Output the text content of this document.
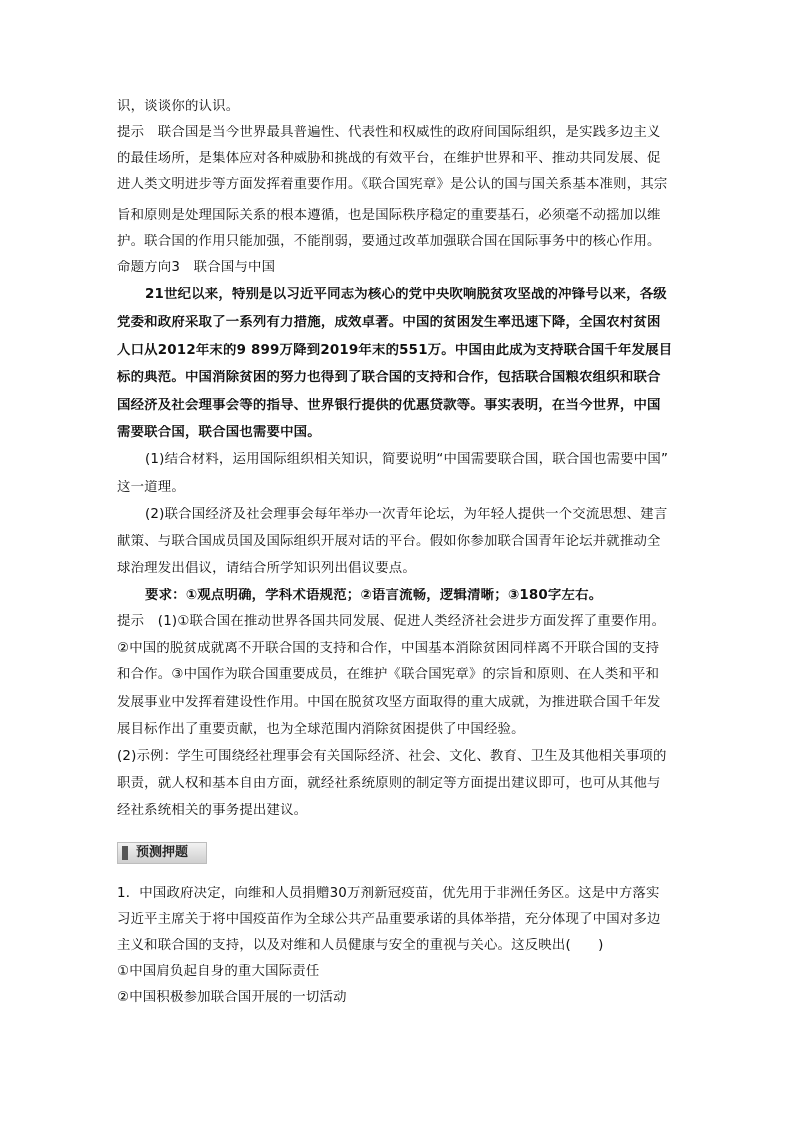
识，谈谈你的认识。
提示　联合国是当今世界最具普遍性、代表性和权威性的政府间国际组织，是实践多边主义
的最佳场所，是集体应对各种威胁和挑战的有效平台，在维护世界和平、推动共同发展、促
进人类文明进步等方面发挥着重要作用。《联合国宪章》是公认的国与国关系基本准则，其宗
旨和原则是处理国际关系的根本遵循，也是国际秩序稳定的重要基石，必须毫不动摇加以维
护。联合国的作用只能加强，不能削弱，要通过改革加强联合国在国际事务中的核心作用。
命题方向3　联合国与中国
21世纪以来，特别是以习近平同志为核心的党中央吹响脱贫攻坚战的冲锋号以来，各级
党委和政府采取了一系列有力措施，成效卓著。中国的贫困发生率迅速下降，全国农村贫困
人口从2012年末的9 899万降到2019年末的551万。中国由此成为支持联合国千年发展目
标的典范。中国消除贫困的努力也得到了联合国的支持和合作，包括联合国粮农组织和联合
国经济及社会理事会等的指导、世界银行提供的优惠贷款等。事实表明，在当今世界，中国
需要联合国，联合国也需要中国。
(1)结合材料，运用国际组织相关知识，简要说明“中国需要联合国，联合国也需要中国”
这一道理。
(2)联合国经济及社会理事会每年举办一次青年论坛，为年轻人提供一个交流思想、建言
献策、与联合国成员国及国际组织开展对话的平台。假如你参加联合国青年论坛并就推动全
球治理发出倡议，请结合所学知识列出倡议要点。
要求：①观点明确，学科术语规范；②语言流畅，逻辑清晰；③180字左右。
提示　(1)①联合国在推动世界各国共同发展、促进人类经济社会进步方面发挥了重要作用。
②中国的脱贫成就离不开联合国的支持和合作，中国基本消除贫困同样离不开联合国的支持
和合作。③中国作为联合国重要成员，在维护《联合国宪章》的宗旨和原则、在人类和平和
发展事业中发挥着建设性作用。中国在脱贫攻坚方面取得的重大成就，为推进联合国千年发
展目标作出了重要贡献，也为全球范围内消除贫困提供了中国经验。
(2)示例：学生可围绕经社理事会有关国际经济、社会、文化、教育、卫生及其他相关事项的
职责，就人权和基本自由方面，就经社系统原则的制定等方面提出建议即可，也可从其他与
经社系统相关的事务提出建议。
预测押题
1．中国政府决定，向维和人员捐赠30万剂新冠疫苗，优先用于非洲任务区。这是中方落实
习近平主席关于将中国疫苗作为全球公共产品重要承诺的具体举措，充分体现了中国对多边
主义和联合国的支持，以及对维和人员健康与安全的重视与关心。这反映出(　　)
①中国肩负起自身的重大国际责任
②中国积极参加联合国开展的一切活动
